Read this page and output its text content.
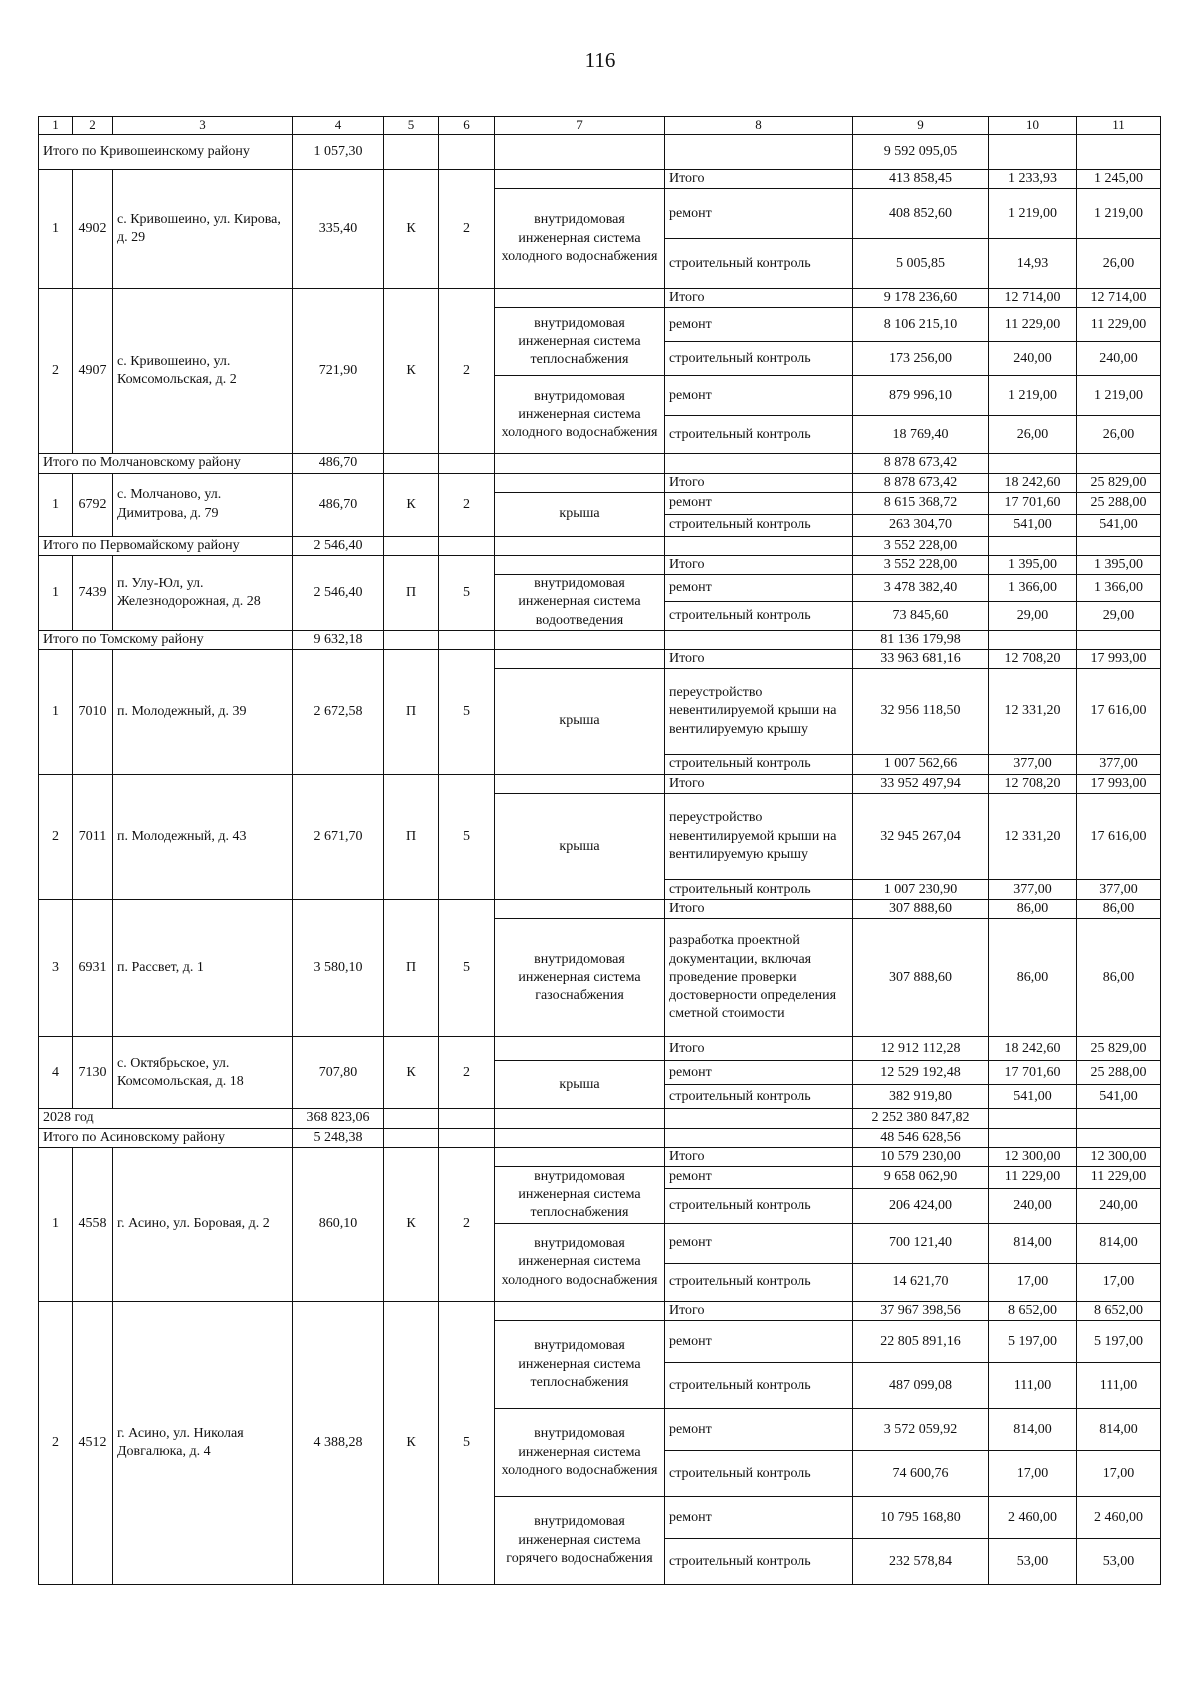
116
1	2	3	4	5	6	7	8	9	10	11
Итого по Кривошеинскому району			1 057,30					9 592 095,05		
1	4902	с. Кривошеино, ул. Кирова, д. 29	335,40	К	2		Итого	413 858,45	1 233,93	1 245,00
						внутридомовая инженерная система холодного водоснабжения	ремонт	408 852,60	1 219,00	1 219,00
							строительный контроль	5 005,85	14,93	26,00
2	4907	с. Кривошеино, ул. Комсомольская, д. 2	721,90	К	2		Итого	9 178 236,60	12 714,00	12 714,00
						внутридомовая инженерная система теплоснабжения	ремонт	8 106 215,10	11 229,00	11 229,00
							строительный контроль	173 256,00	240,00	240,00
						внутридомовая инженерная система холодного водоснабжения	ремонт	879 996,10	1 219,00	1 219,00
							строительный контроль	18 769,40	26,00	26,00
Итого по Молчановскому району			486,70					8 878 673,42		
1	6792	с. Молчаново, ул. Димитрова, д. 79	486,70	К	2		Итого	8 878 673,42	18 242,60	25 829,00
						крыша	ремонт	8 615 368,72	17 701,60	25 288,00
							строительный контроль	263 304,70	541,00	541,00
Итого по Первомайскому району			2 546,40					3 552 228,00		
1	7439	п. Улу-Юл, ул. Железнодорожная, д. 28	2 546,40	П	5		Итого	3 552 228,00	1 395,00	1 395,00
						внутридомовая инженерная система водоотведения	ремонт	3 478 382,40	1 366,00	1 366,00
							строительный контроль	73 845,60	29,00	29,00
Итого по Томскому району			9 632,18					81 136 179,98		
1	7010	п. Молодежный, д. 39	2 672,58	П	5		Итого	33 963 681,16	12 708,20	17 993,00
						крыша	переустройство невентилируемой крыши на вентилируемую крышу	32 956 118,50	12 331,20	17 616,00
							строительный контроль	1 007 562,66	377,00	377,00
2	7011	п. Молодежный, д. 43	2 671,70	П	5		Итого	33 952 497,94	12 708,20	17 993,00
						крыша	переустройство невентилируемой крыши на вентилируемую крышу	32 945 267,04	12 331,20	17 616,00
							строительный контроль	1 007 230,90	377,00	377,00
3	6931	п. Рассвет, д. 1	3 580,10	П	5		Итого	307 888,60	86,00	86,00
						внутридомовая инженерная система газоснабжения	разработка проектной документации, включая проведение проверки достоверности определения сметной стоимости	307 888,60	86,00	86,00
4	7130	с. Октябрьское, ул. Комсомольская, д. 18	707,80	К	2		Итого	12 912 112,28	18 242,60	25 829,00
						крыша	ремонт	12 529 192,48	17 701,60	25 288,00
							строительный контроль	382 919,80	541,00	541,00
2028 год			368 823,06					2 252 380 847,82		
Итого по Асиновскому району			5 248,38					48 546 628,56		
1	4558	г. Асино, ул. Боровая, д. 2	860,10	К	2		Итого	10 579 230,00	12 300,00	12 300,00
						внутридомовая инженерная система теплоснабжения	ремонт	9 658 062,90	11 229,00	11 229,00
							строительный контроль	206 424,00	240,00	240,00
						внутридомовая инженерная система холодного водоснабжения	ремонт	700 121,40	814,00	814,00
							строительный контроль	14 621,70	17,00	17,00
2	4512	г. Асино, ул. Николая Довгалюка, д. 4	4 388,28	К	5		Итого	37 967 398,56	8 652,00	8 652,00
						внутридомовая инженерная система теплоснабжения	ремонт	22 805 891,16	5 197,00	5 197,00
							строительный контроль	487 099,08	111,00	111,00
						внутридомовая инженерная система холодного водоснабжения	ремонт	3 572 059,92	814,00	814,00
							строительный контроль	74 600,76	17,00	17,00
						внутридомовая инженерная система горячего водоснабжения	ремонт	10 795 168,80	2 460,00	2 460,00
							строительный контроль	232 578,84	53,00	53,00
